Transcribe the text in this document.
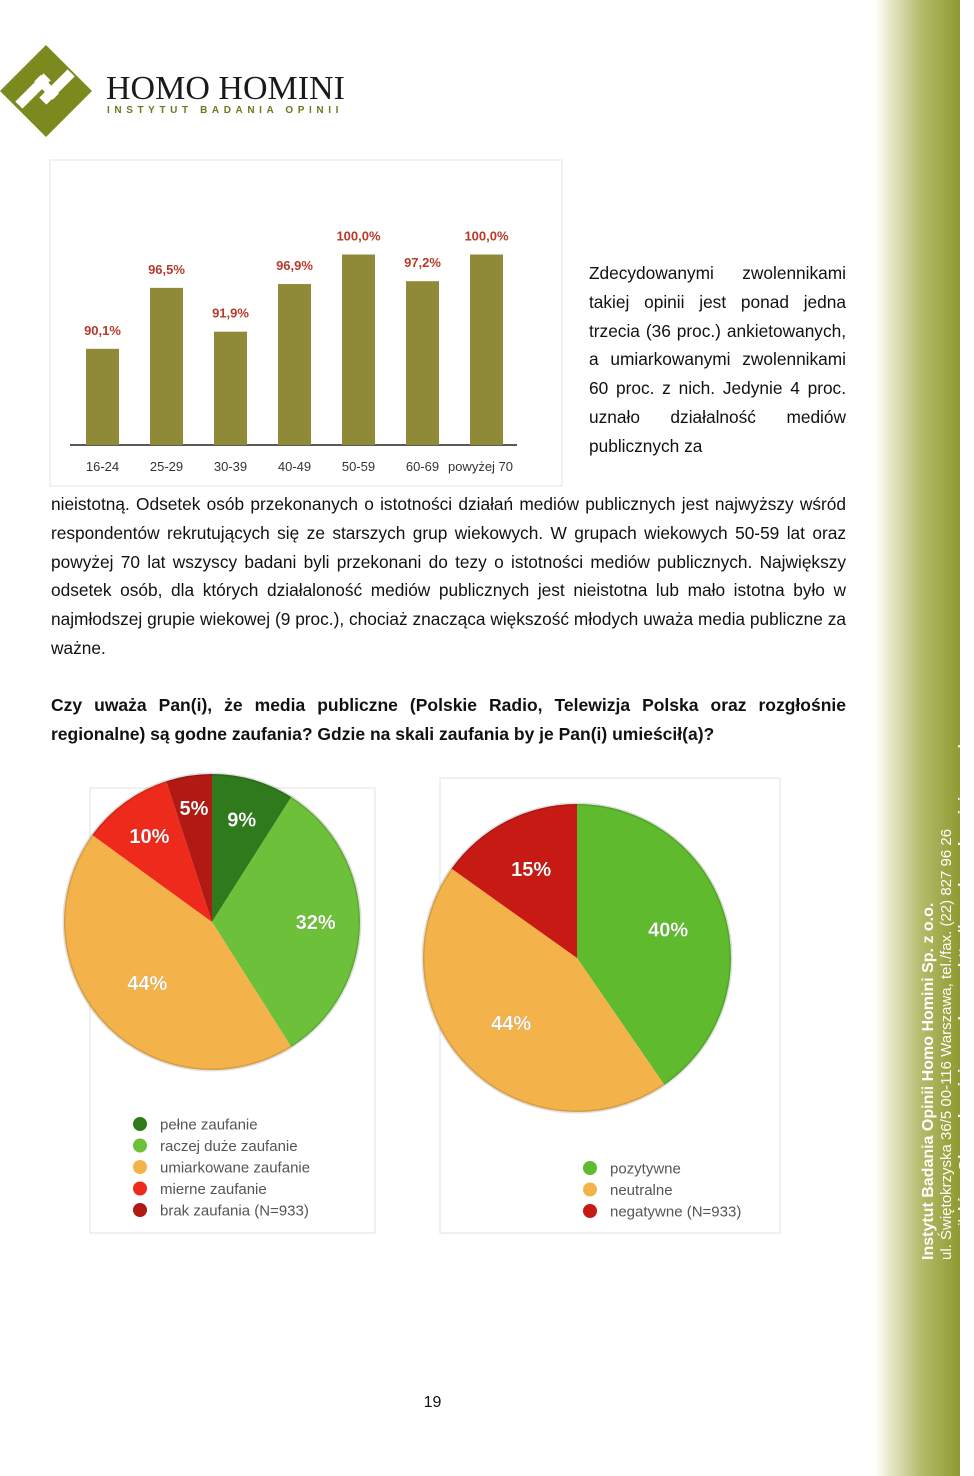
Instytut Badania Opinii Homo Homini Sp. z o.o. ul. Świętokrzyska 36/5 00-116 Warszawa, tel./fax. (22) 827 96 26 e-mail: biuro@homohomini.com.pl, www: http://www.homohomini.com.pl
HOMO HOMINI
INSTYTUT BADANIA OPINII
90,1%
96,5%
91,9%
96,9%
100,0%
97,2%
100,0%
16-24 25-29 30-39 40-49 50-59 60-69 powyżej 70
Zdecydowanymi zwolennikami takiej opinii jest ponad jedna trzecia (36 proc.) ankietowanych, a umiarkowanymi zwolennikami 60 proc. z nich. Jedynie 4 proc. uznało działalność mediów publicznych za
nieistotną. Odsetek osób przekonanych o istotności działań mediów publicznych jest najwyższy wśród respondentów rekrutujących się ze starszych grup wiekowych. W grupach wiekowych 50-59 lat oraz powyżej 70 lat wszyscy badani byli przekonani do tezy o istotności mediów publicznych. Największy odsetek osób, dla których działaloność mediów publicznych jest nieistotna lub mało istotna było w najmłodszej grupie wiekowej (9 proc.), chociaż znacząca większość młodych uważa media publiczne za ważne.
Czy uważa Pan(i), że media publiczne (Polskie Radio, Telewizja Polska oraz rozgłośnie regionalne) są godne zaufania? Gdzie na skali zaufania by je Pan(i) umieścił(a)?
9%
32%
44%
10%
5%
pełne zaufanie
raczej duże zaufanie
umiarkowane zaufanie
mierne zaufanie
brak zaufania (N=933)
40%
44%
15%
pozytywne
neutralne
negatywne (N=933)
19
